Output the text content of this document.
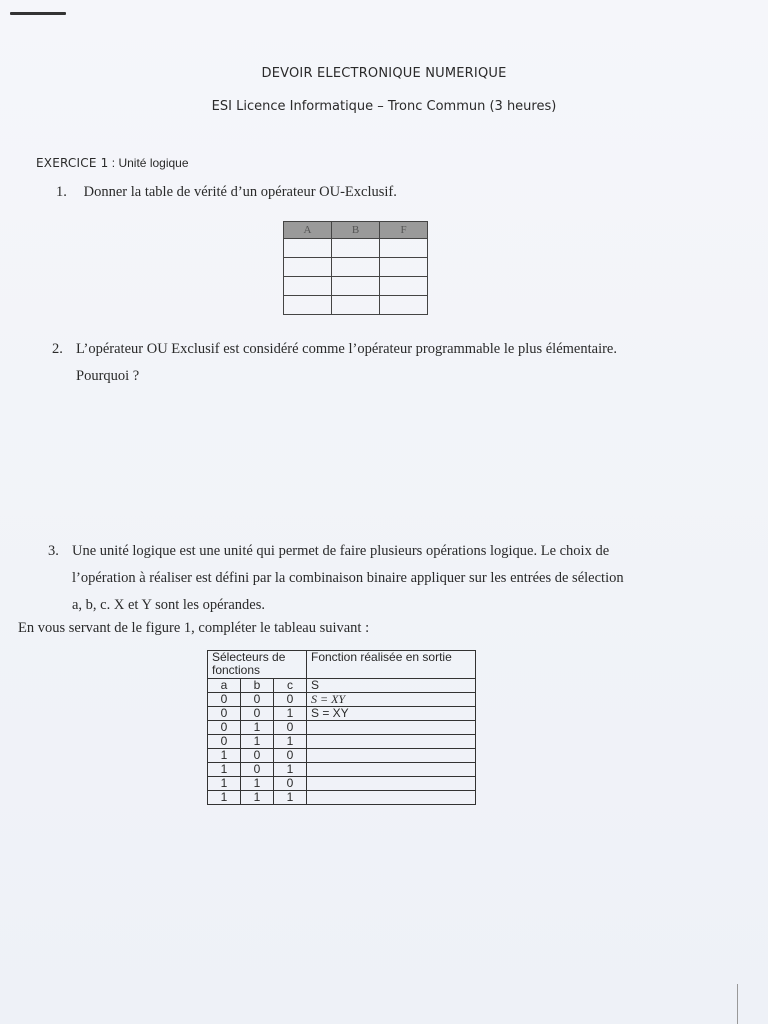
DEVOIR ELECTRONIQUE NUMERIQUE
ESI Licence Informatique – Tronc Commun (3 heures)
EXERCICE 1 : Unité logique
1. Donner la table de vérité d’un opérateur OU-Exclusif.
A	B	F

2. L’opérateur OU Exclusif est considéré comme l’opérateur programmable le plus élémentaire.
Pourquoi ?
3. Une unité logique est une unité qui permet de faire plusieurs opérations logique. Le choix de
l’opération à réaliser est défini par la combinaison binaire appliquer sur les entrées de sélection
a, b, c. X et Y sont les opérandes.
En vous servant de le figure 1, compléter le tableau suivant :
Sélecteurs de fonctions			Fonction réalisée en sortie
a	b	c	S
0	0	0	S = XY
0	0	1	S = XY
0	1	0	
0	1	1	
1	0	0	
1	0	1	
1	1	0	
1	1	1	
